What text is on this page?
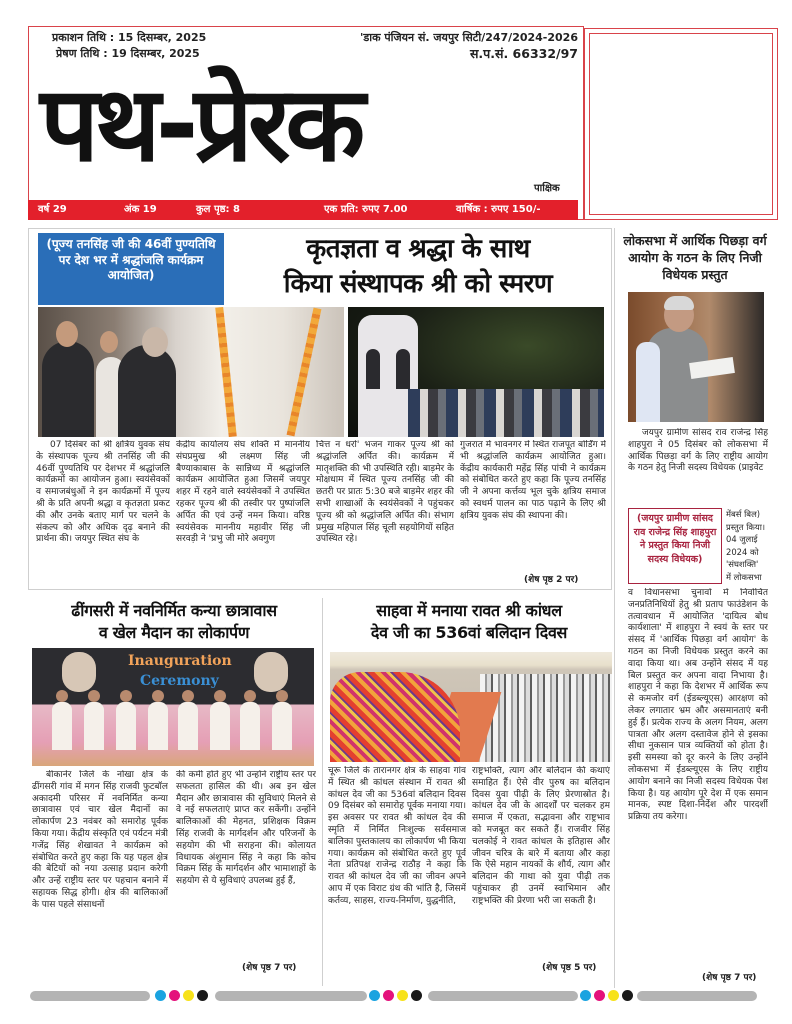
प्रकाशन तिथि : 15 दिसम्बर, 2025
प्रेषण तिथि : 19 दिसम्बर, 2025
'डाक पंजियन सं. जयपुर सिटी/247/2024-2026
स.प.सं. 66332/97
पथ-प्रेरक
पाक्षिक
वर्ष 29	अंक 19	कुल पृष्ठ: 8	एक प्रति: रुपए 7.00	वार्षिक : रुपए 150/-
(पूज्य तनसिंह जी की 46वीं पुण्यतिथि पर देश भर में श्रद्धांजलि कार्यक्रम आयोजित)
कृतज्ञता व श्रद्धा के साथ
किया संस्थापक श्री को स्मरण

07 दिसंबर को श्री क्षत्रिय युवक संघ के संस्थापक पूज्य श्री तनसिंह जी की 46वीं पुण्यतिथि पर देशभर में श्रद्धांजलि कार्यक्रमों का आयोजन हुआ। स्वयंसेवकों व समाजबंधुओं ने इन कार्यक्रमों में पूज्य श्री के प्रति अपनी श्रद्धा व कृतज्ञता प्रकट की और उनके बताए मार्ग पर चलने के संकल्प को और अधिक दृढ़ बनाने की प्रार्थना की। जयपुर स्थित संघ के

केंद्रीय कार्यालय संघ शक्ति में माननीय संघप्रमुख श्री लक्ष्मण सिंह जी बैण्याकाबास के सान्निध्य में श्रद्धांजलि कार्यक्रम आयोजित हुआ जिसमें जयपुर शहर में रहने वाले स्वयंसेवकों ने उपस्थित रहकर पूज्य श्री की तस्वीर पर पुष्पांजलि अर्पित की एवं उन्हें नमन किया। वरिष्ठ स्वयंसेवक माननीय महावीर सिंह जी सरवड़ी ने 'प्रभु जी मोरे अवगुण

चित्त न धरो' भजन गाकर पूज्य श्री को श्रद्धांजलि अर्पित की। कार्यक्रम में मातृशक्ति की भी उपस्थिति रही। बाड़मेर के मोक्षधाम में स्थित पूज्य तनसिंह जी की छतरी पर प्रातः 5:30 बजे बाड़मेर शहर की सभी शाखाओं के स्वयंसेवकों ने पहुंचकर पूज्य श्री को श्रद्धांजलि अर्पित की। संभाग प्रमुख महिपाल सिंह चूली सहयोगियों सहित उपस्थित रहे।

गुजरात में भावनगर में स्थित राजपूत बोर्डिंग में भी श्रद्धांजलि कार्यक्रम आयोजित हुआ। केंद्रीय कार्यकारी महेंद्र सिंह पांची ने कार्यक्रम को संबोधित करते हुए कहा कि पूज्य तनसिंह जी ने अपना कर्त्तव्य भूल चुके क्षत्रिय समाज को स्वधर्म पालन का पाठ पढ़ाने के लिए श्री क्षत्रिय युवक संघ की स्थापना की।

(शेष पृष्ठ 2 पर)
लोकसभा में आर्थिक पिछड़ा वर्ग आयोग के गठन के लिए निजी विधेयक प्रस्तुत

जयपुर ग्रामीण सांसद राव राजेन्द्र सिंह शाहपुरा ने 05 दिसंबर को लोकसभा में आर्थिक पिछड़ा वर्ग के लिए राष्ट्रीय आयोग के गठन हेतु निजी सदस्य विधेयक (प्राइवेट

(जयपुर ग्रामीण सांसद राव राजेन्द्र सिंह शाहपुरा ने प्रस्तुत किया निजी सदस्य विधेयक)
मेंबर्स बिल)
प्रस्तुत किया।
04 जुलाई
2024 को
'संघशक्ति'
में लोकसभा

व विधानसभा चुनावों में निर्वाचित जनप्रतिनिधियों हेतु श्री प्रताप फाउंडेशन के तत्वावधान में आयोजित 'दायित्व बोध कार्यशाला' में शाहपुरा ने स्वयं के स्तर पर संसद में 'आर्थिक पिछड़ा वर्ग आयोग' के गठन का निजी विधेयक प्रस्तुत करने का वादा किया था। अब उन्होंने संसद में यह बिल प्रस्तुत कर अपना वादा निभाया है। शाहपुरा ने कहा कि देशभर में आर्थिक रूप से कमजोर वर्ग (ईडब्ल्यूएस) आरक्षण को लेकर लगातार भ्रम और असमानताएं बनी हुई हैं। प्रत्येक राज्य के अलग नियम, अलग पात्रता और अलग दस्तावेज होने से इसका सीधा नुकसान पात्र व्यक्तियों को होता है। इसी समस्या को दूर करने के लिए उन्होंने लोकसभा में ईडब्ल्यूएस के लिए राष्ट्रीय आयोग बनाने का निजी सदस्य विधेयक पेश किया है। यह आयोग पूरे देश में एक समान मानक, स्पष्ट दिशा-निर्देश और पारदर्शी प्रक्रिया तय करेगा।

(शेष पृष्ठ 7 पर)
ढींगसरी में नवनिर्मित कन्या छात्रावास
व खेल मैदान का लोकार्पण
Inauguration
Ceremony

बीकानेर जिले के नोखा क्षेत्र के ढींगसरी गांव में मगन सिंह राजवी फुटबॉल अकादमी परिसर में नवनिर्मित कन्या छात्रावास एवं चार खेल मैदानों का लोकार्पण 23 नवंबर को समारोह पूर्वक किया गया। केंद्रीय संस्कृति एवं पर्यटन मंत्री गजेंद्र सिंह शेखावत ने कार्यक्रम को संबोधित करते हुए कहा कि यह पहल क्षेत्र की बेटियों को नया उत्साह प्रदान करेगी और उन्हें राष्ट्रीय स्तर पर पहचान बनाने में सहायक सिद्ध होगी। क्षेत्र की बालिकाओं के पास पहले संसाधनों

की कमी होते हुए भी उन्होंने राष्ट्रीय स्तर पर सफलता हासिल की थी। अब इन खेल मैदान और छात्रावास की सुविधाएं मिलने से वे नई सफलताएं प्राप्त कर सकेंगी। उन्होंने बालिकाओं की मेहनत, प्रशिक्षक विक्रम सिंह राजवी के मार्गदर्शन और परिजनों के सहयोग की भी सराहना की। कोलायत विधायक अंशुमान सिंह ने कहा कि कोच विक्रम सिंह के मार्गदर्शन और भामाशाहों के सहयोग से ये सुविधाएं उपलब्ध हुई हैं,

(शेष पृष्ठ 7 पर)
साहवा में मनाया रावत श्री कांधल
देव जी का 536वां बलिदान दिवस

चूरू जिले के तारानगर क्षेत्र के साहवा गांव में स्थित श्री कांधल संस्थान में रावत श्री कांधल देव जी का 536वां बलिदान दिवस 09 दिसंबर को समारोह पूर्वक मनाया गया। इस अवसर पर रावत श्री कांधल देव की स्मृति में निर्मित निःशुल्क सर्वसमाज बालिका पुस्तकालय का लोकार्पण भी किया गया। कार्यक्रम को संबोधित करते हुए पूर्व नेता प्रतिपक्ष राजेन्द्र राठौड़ ने कहा कि रावत श्री कांधल देव जी का जीवन अपने आप में एक विराट ग्रंथ की भांति है, जिसमें कर्तव्य, साहस, राज्य-निर्माण, युद्धनीति,

राष्ट्रभक्ति, त्याग और बलिदान की कथाएं समाहित हैं। ऐसे वीर पुरुष का बलिदान दिवस युवा पीढ़ी के लिए प्रेरणास्रोत है। कांधल देव जी के आदर्शों पर चलकर हम समाज में एकता, सद्भावना और राष्ट्रभाव को मजबूत कर सकते हैं। राजवीर सिंह चलकोई ने रावत कांधल के इतिहास और जीवन चरित्र के बारे में बताया और कहा कि ऐसे महान नायकों के शौर्य, त्याग और बलिदान की गाथा को युवा पीढ़ी तक पहुंचाकर ही उनमें स्वाभिमान और राष्ट्रभक्ति की प्रेरणा भरी जा सकती है।

(शेष पृष्ठ 5 पर)
